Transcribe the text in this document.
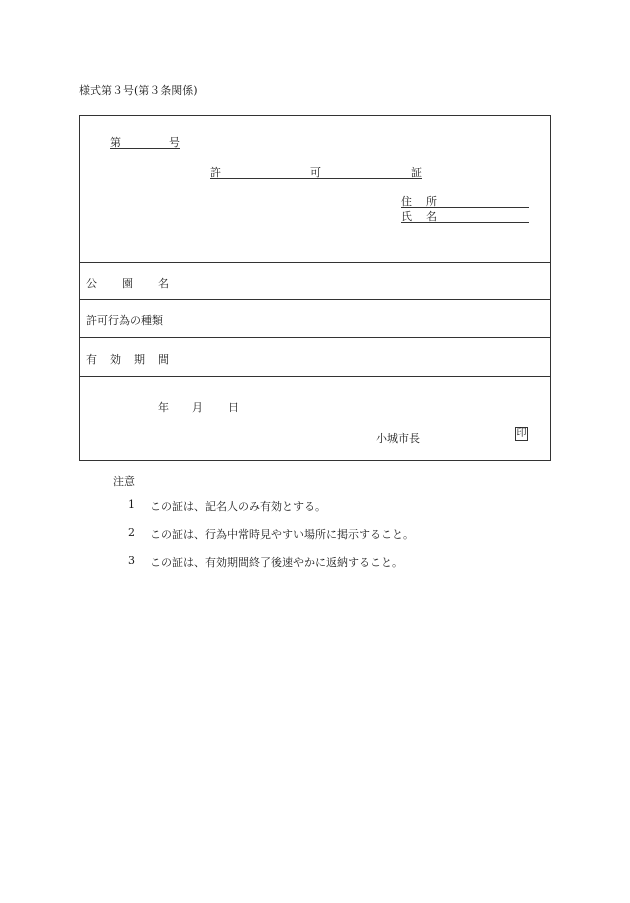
様式第３号(第３条関係)
第	号
許	可	証
住 所
氏 名
公 園 名
許可行為の種類
有 効 期 間
年 月 日
小城市長	印
注意
1 この証は、記名人のみ有効とする。
2 この証は、行為中常時見やすい場所に掲示すること。
3 この証は、有効期間終了後速やかに返納すること。
